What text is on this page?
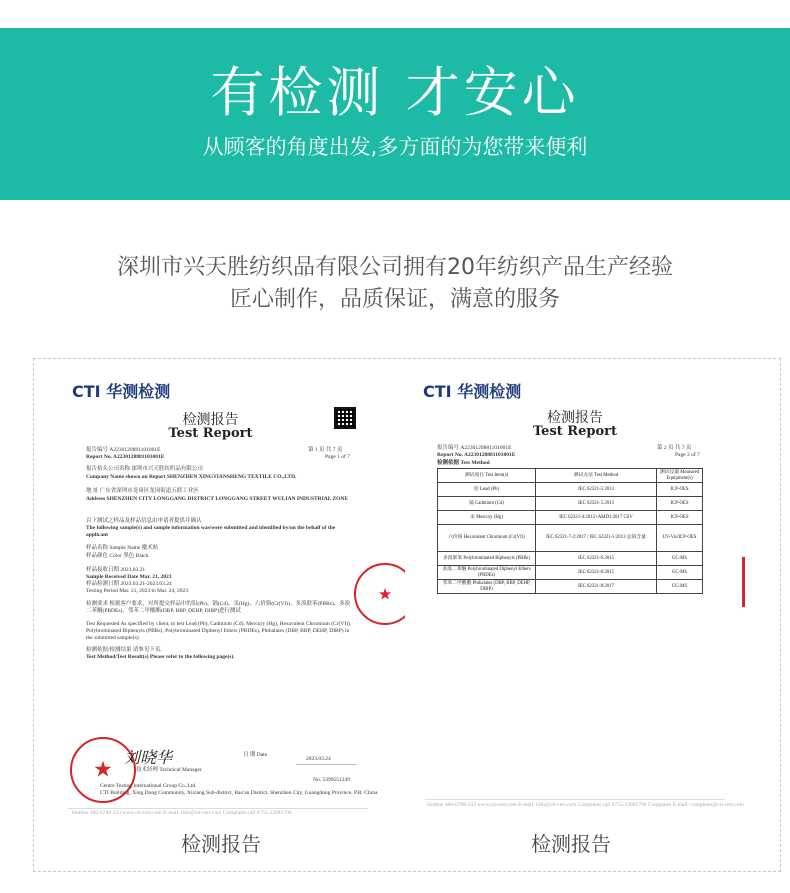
有检测 才安心
从顾客的角度出发,多方面的为您带来便利
深圳市兴天胜纺织品有限公司拥有20年纺织产品生产经验
匠心制作，品质保证，满意的服务
CTI 华测检测
检测报告
Test Report
报告编号 A2230120881101001E
Report No. A2230120881101001E
第 1 页 共 7 页
Page 1 of 7
报告抬头公司名称 深圳市兴天胜纺织品有限公司
Company Name shown on Report SHENZHEN XINGTIANSHENG TEXTILE CO.,LTD.
地 址 广东省深圳市龙岗区龙岗街道五联工业区
Address SHENZHEN CITY LONGGANG DISTRICT LONGGANG STREET WULIAN INDUSTRIAL ZONE
以下测试之样品及样品信息由申请者提供并确认
The following sample(s) and sample information was/were submitted and identified by/on the behalf of the applicant
样品名称 Sample Name 魔术贴
样品颜色 Color 黑色 Black
样品接收日期 2023.03.21
Sample Received Date Mar. 21, 2023
样品检测日期 2023.03.21-2023.03.24
Testing Period Mar. 21, 2023 to Mar. 24, 2023
检测要求 根据客户要求，对所提交样品中的铅(Pb)、镉(Cd)、汞(Hg)、六价铬(Cr(VI))、多溴联苯(PBBs)、多溴二苯醚(PBDEs)、邻苯二甲酸酯(DBP, BBP, DEHP, DIBP)进行测试
Test Requested As specified by client, to test Lead (Pb), Cadmium (Cd), Mercury (Hg), Hexavalent Chromium (Cr(VI)), Polybrominated Biphenyls (PBBs), Polybrominated Diphenyl Ethers (PBDEs), Phthalates (DBP, BBP, DEHP, DIBP) in the submitted sample(s).
检测依据/检测结果 请参见下页。
Test Method/Test Result(s) Please refer to the following page(s).
★
★ 刘晓华
技术经理 Technical Manager
日 期 Date
2023.03.24
No. 5399551249
Centre Testing International Group Co.,Ltd.
CTI Building, Xing Dong Community, Xixiang Sub-district, Bao'an District, Shenzhen City, Guangdong Province, P.R. China
Hotline 400-6788-333 www.cti-cert.com E-mail: info@cti-cert.com Complaint call 0755-33681700
CTI 华测检测
检测报告
Test Report
报告编号 A2230120881101001E
Report No. A2230120881101001E
第 2 页 共 7 页
Page 2 of 7
检测依据 Test Method
测试项目 Test Item(s)	测试方法 Test Method	测试仪器 Measured Equipment(s)
铅 Lead (Pb)	IEC 62321-5:2013	ICP-OES
镉 Cadmium (Cd)	IEC 62321-5:2013	ICP-OES
汞 Mercury (Hg)	IEC 62321-4:2013+AMD1:2017 CSV	ICP-OES
六价铬 Hexavalent Chromium (Cr(VI))	IEC 62321-7-2:2017 / IEC 62321-5:2013 总铬含量	UV-Vis/ICP-OES
多溴联苯 Polybrominated Biphenyls (PBBs)	IEC 62321-6:2015	GC-MS
多溴二苯醚 Polybrominated Diphenyl Ethers (PBDEs)	IEC 62321-6:2015	GC-MS
邻苯二甲酸酯 Phthalates (DBP, BBP, DEHP, DIBP)	IEC 62321-8:2017	GC-MS
Hotline 400-6788-333 www.cti-cert.com E-mail: info@cti-cert.com Complaint call 0755-33681700 Complaint E-mail: complaint@cti-cert.com
检测报告	检测报告
